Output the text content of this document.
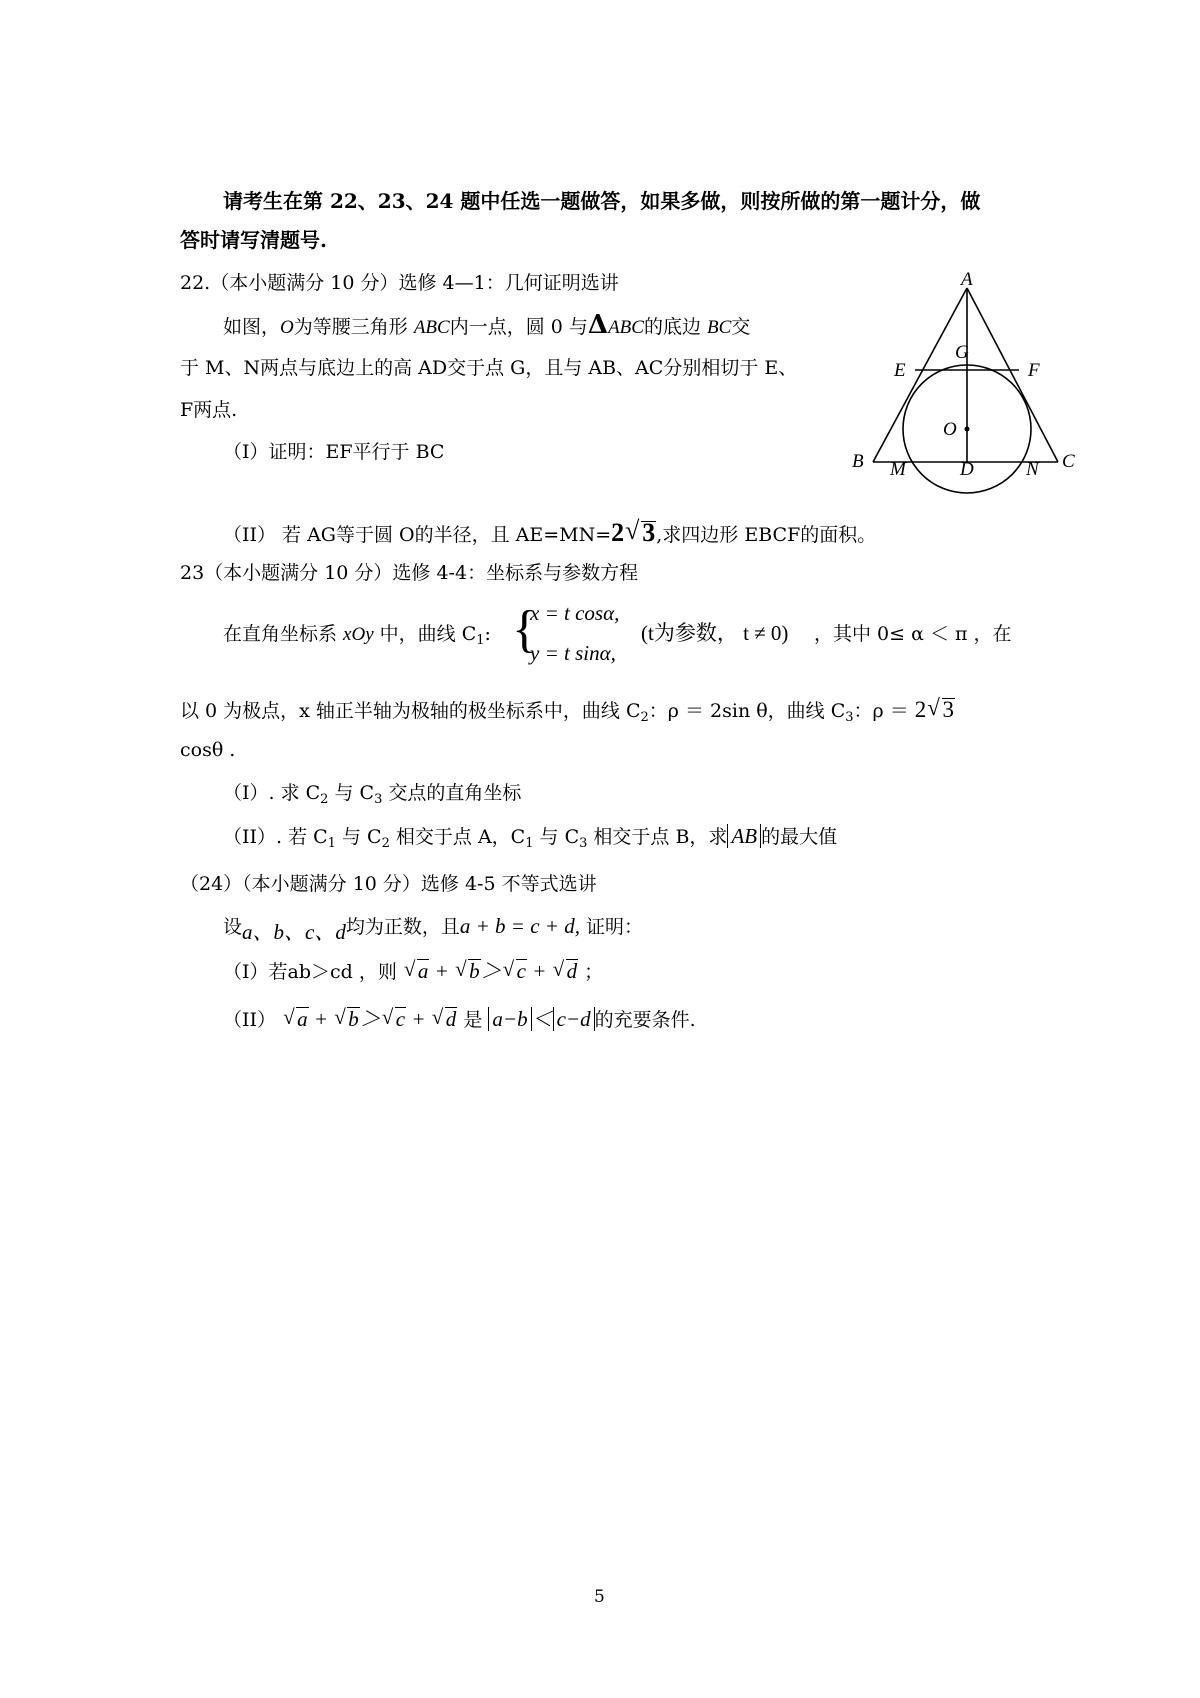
请考生在第 22、23、24 题中任选一题做答，如果多做，则按所做的第一题计分，做
答时请写清题号.
22.（本小题满分 10 分）选修 4—1：几何证明选讲
如图，O为等腰三角形 ABC内一点，圆 0 与ΔABC的底边 BC交
于 M、N两点与底边上的高 AD交于点 G，且与 AB、AC分别相切于 E、
F两点.
（I）证明：EF平行于 BC
（II） 若 AG等于圆 O的半径，且 AE=MN=2 √ 3,求四边形 EBCF的面积。
A
G
E	F
O
B M	D	N C
23（本小题满分 10 分）选修 4-4：坐标系与参数方程
在直角坐标系 xOy 中，曲线 $C_1$: {
x = t cosα,
y = t sinα,
(t为参数， t ≠ 0) ，其中 0≤ α ＜ π ，在
以 0 为极点，x 轴正半轴为极轴的极坐标系中，曲线 $C_2$：ρ ＝ 2sin θ，曲线 $C_3$：ρ ＝ 2 √ 3
cosθ .
（I）. 求 $C_2$ 与 $C_3$ 交点的直角坐标
（II）. 若 $C_1$ 与 $C_2$ 相交于点 A，$C_1$ 与 $C_3$ 相交于点 B，求 AB 的最大值
（24）（本小题满分 10 分）选修 4-5 不等式选讲
设a、b、c、d均为正数，且a + b = c + d, 证明：
（I）若ab＞cd ，则 √ a + √ b＞ √ c + √ d ；
（II） √ a + √ b＞ √ c + √ d 是 a−b ＜ c−d 的充要条件.
5
